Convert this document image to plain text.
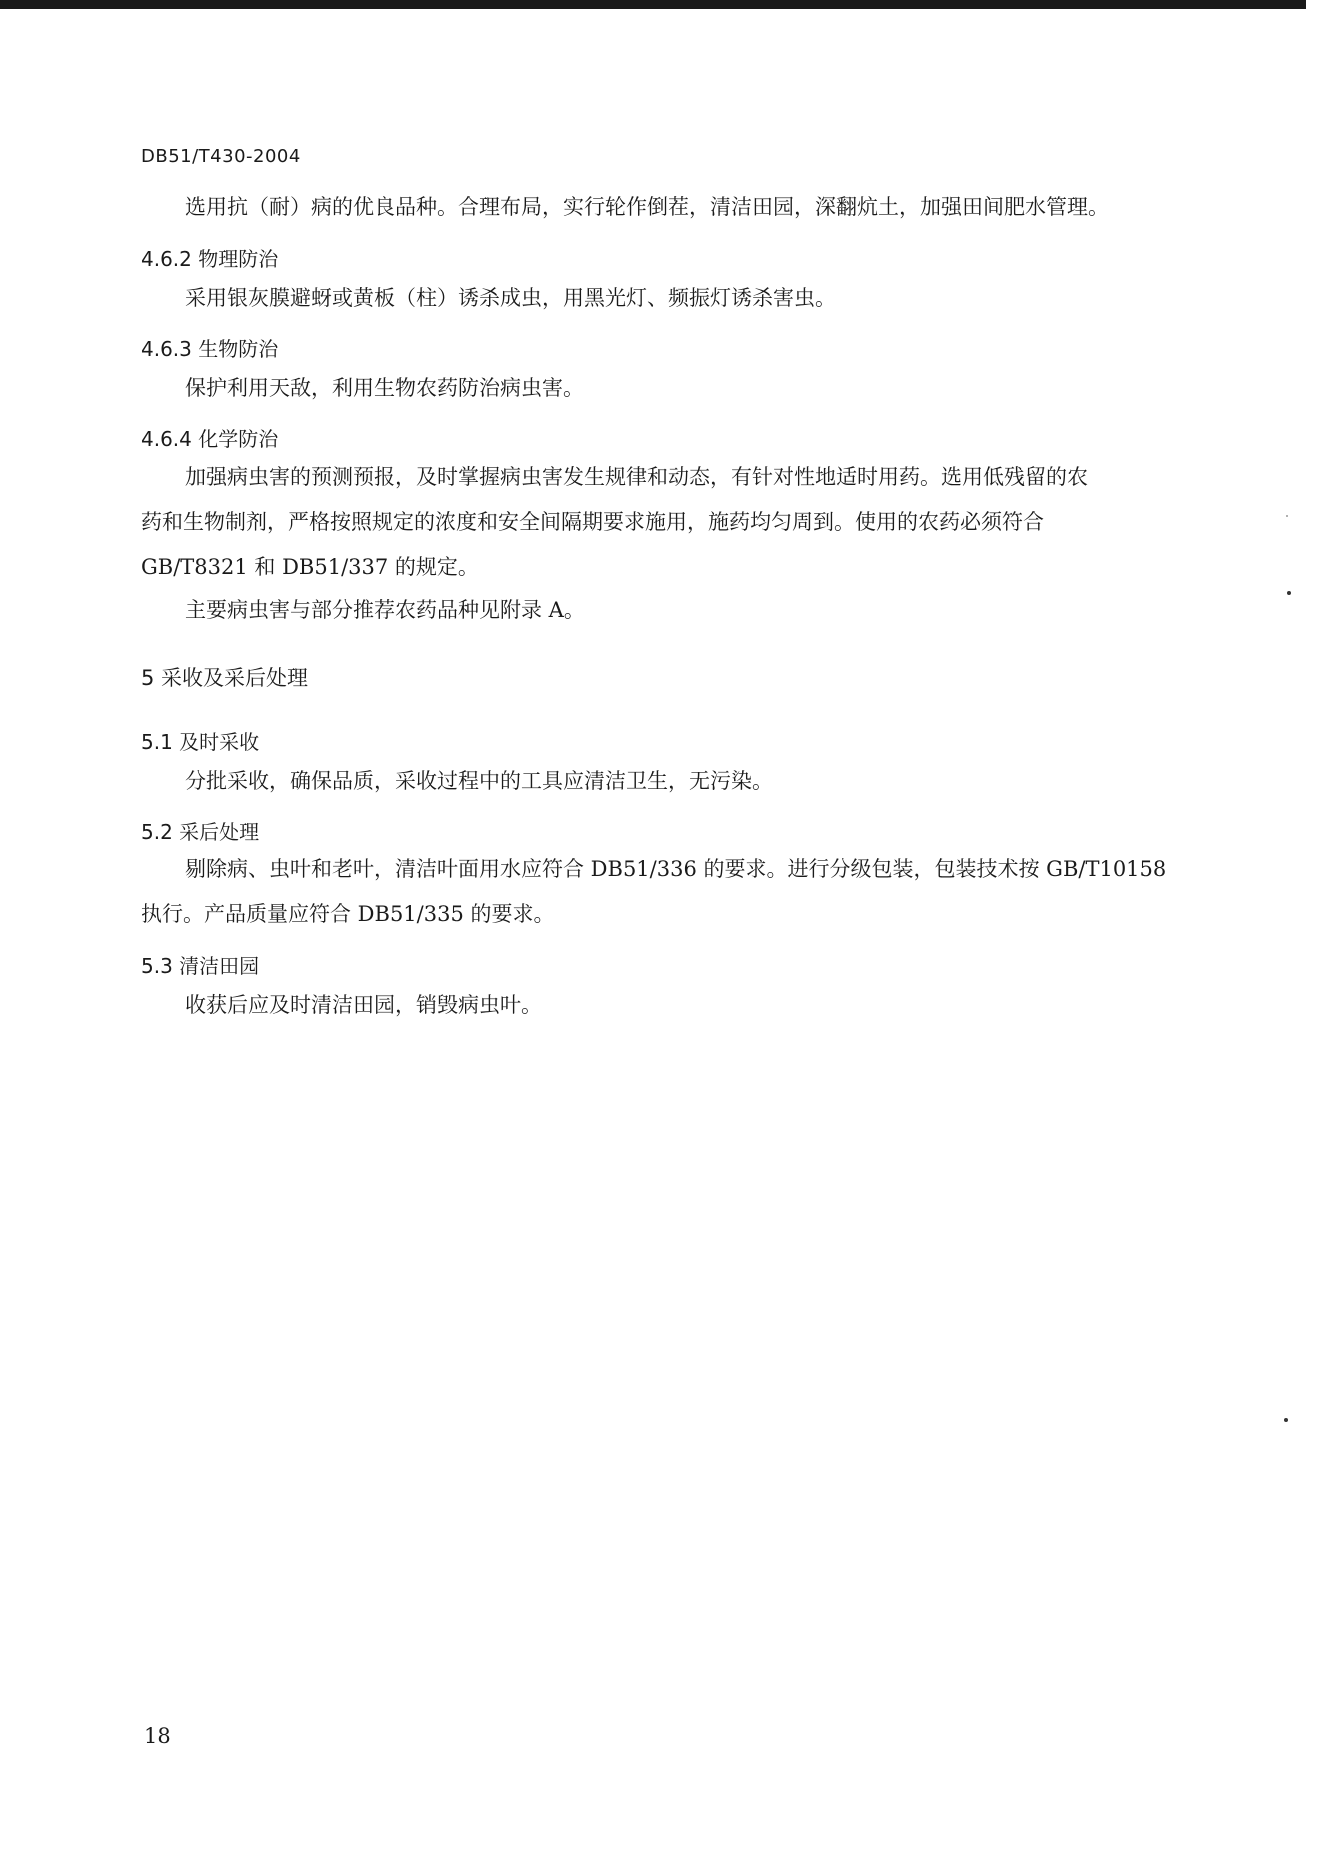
DB51/T430-2004

选用抗（耐）病的优良品种。合理布局，实行轮作倒茬，清洁田园，深翻炕土，加强田间肥水管理。

4.6.2 物理防治

采用银灰膜避蚜或黄板（柱）诱杀成虫，用黑光灯、频振灯诱杀害虫。

4.6.3 生物防治

保护利用天敌，利用生物农药防治病虫害。

4.6.4 化学防治
加强病虫害的预测预报，及时掌握病虫害发生规律和动态，有针对性地适时用药。选用低残留的农
药和生物制剂，严格按照规定的浓度和安全间隔期要求施用，施药均匀周到。使用的农药必须符合
GB/T8321 和 DB51/337 的规定。

主要病虫害与部分推荐农药品种见附录 A。

5 采收及采后处理
5.1 及时采收

分批采收，确保品质，采收过程中的工具应清洁卫生，无污染。

5.2 采后处理
剔除病、虫叶和老叶，清洁叶面用水应符合 DB51/336 的要求。进行分级包装，包装技术按 GB/T10158
执行。产品质量应符合 DB51/335 的要求。
5.3 清洁田园

收获后应及时清洁田园，销毁病虫叶。

18
